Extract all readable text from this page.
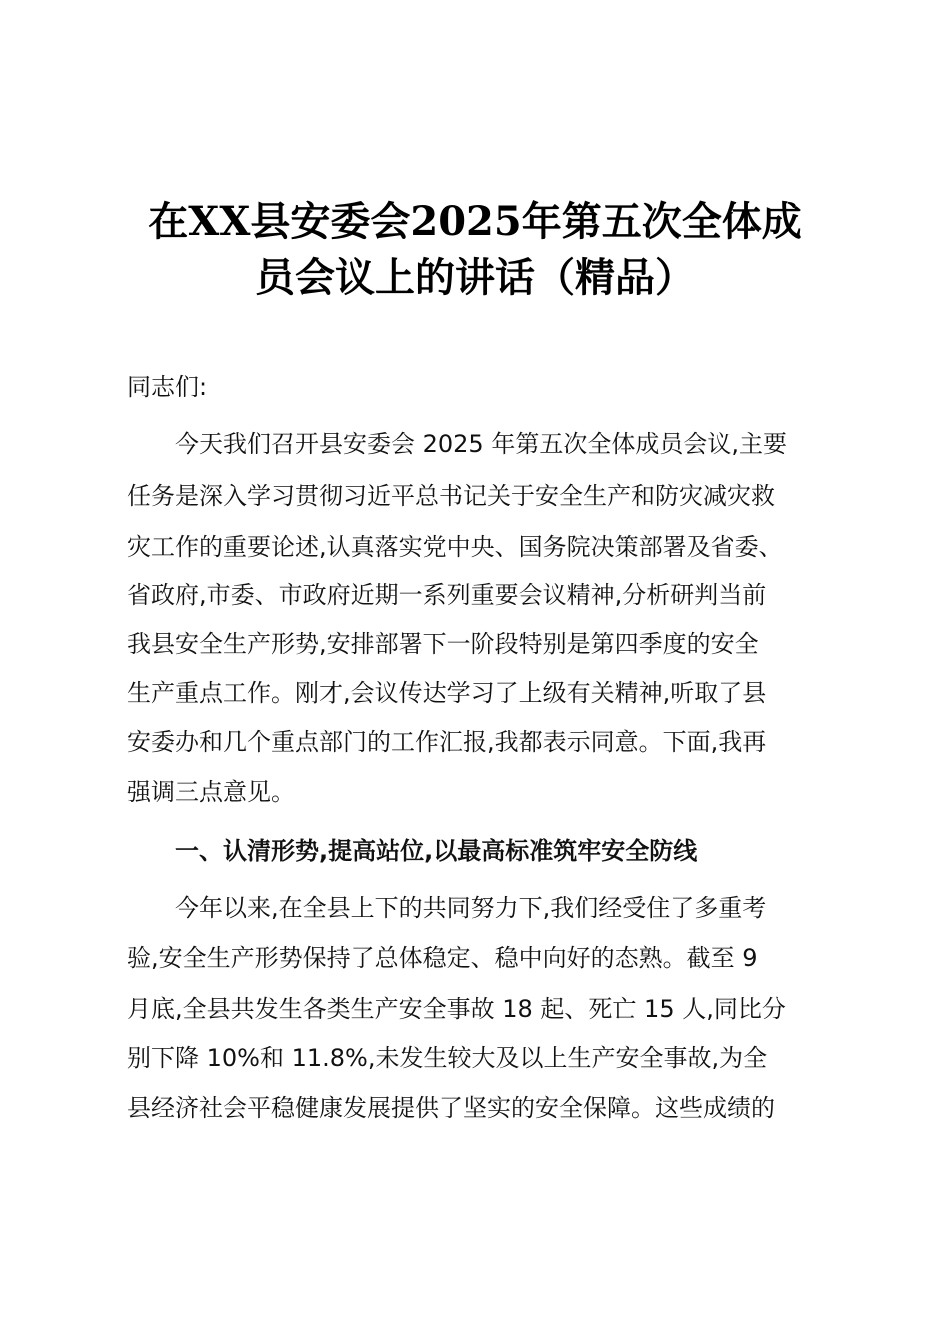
在XX县安委会2025年第五次全体成
员会议上的讲话（精品）
同志们:
今天我们召开县安委会 2025 年第五次全体成员会议,主要
任务是深入学习贯彻习近平总书记关于安全生产和防灾减灾救
灾工作的重要论述,认真落实党中央、国务院决策部署及省委、
省政府,市委、市政府近期一系列重要会议精神,分析研判当前
我县安全生产形势,安排部署下一阶段特别是第四季度的安全
生产重点工作。刚才,会议传达学习了上级有关精神,听取了县
安委办和几个重点部门的工作汇报,我都表示同意。下面,我再
强调三点意见。
一、认清形势,提高站位,以最高标准筑牢安全防线
今年以来,在全县上下的共同努力下,我们经受住了多重考
验,安全生产形势保持了总体稳定、稳中向好的态熟。截至 9
月底,全县共发生各类生产安全事故 18 起、死亡 15 人,同比分
别下降 10%和 11.8%,未发生较大及以上生产安全事故,为全
县经济社会平稳健康发展提供了坚实的安全保障。这些成绩的
